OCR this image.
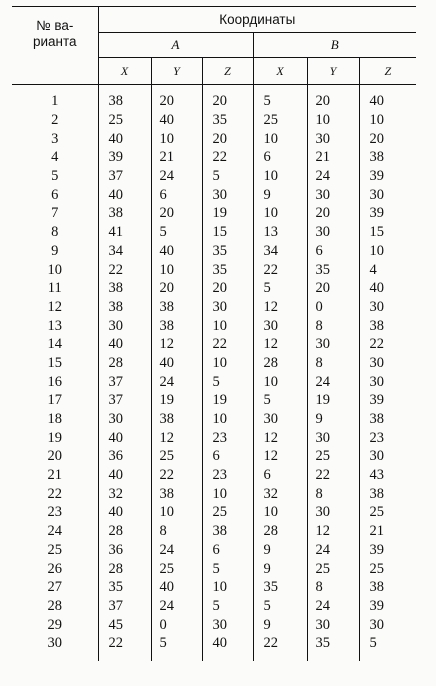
№ ва-
рианта	Координаты					
	A			B		
	X	Y	Z	X	Y	Z
1	38	20	20	5	20	40
2	25	40	35	25	10	10
3	40	10	20	10	30	20
4	39	21	22	6	21	38
5	37	24	5	10	24	39
6	40	6	30	9	30	30
7	38	20	19	10	20	39
8	41	5	15	13	30	15
9	34	40	35	34	6	10
10	22	10	35	22	35	4
11	38	20	20	5	20	40
12	38	38	30	12	0	30
13	30	38	10	30	8	38
14	40	12	22	12	30	22
15	28	40	10	28	8	30
16	37	24	5	10	24	30
17	37	19	19	5	19	39
18	30	38	10	30	9	38
19	40	12	23	12	30	23
20	36	25	6	12	25	30
21	40	22	23	6	22	43
22	32	38	10	32	8	38
23	40	10	25	10	30	25
24	28	8	38	28	12	21
25	36	24	6	9	24	39
26	28	25	5	9	25	25
27	35	40	10	35	8	38
28	37	24	5	5	24	39
29	45	0	30	9	30	30
30	22	5	40	22	35	5
